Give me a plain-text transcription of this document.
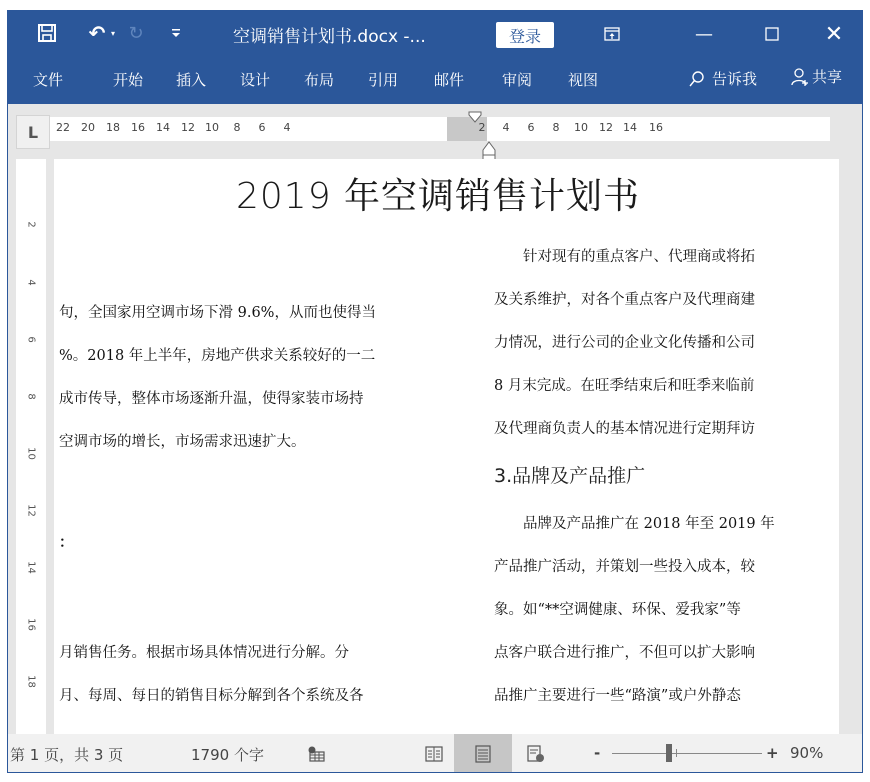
↶ ▾ ↻	空调销售计划书.docx -...	登录	—	✕
告诉我	共享
文件	开始 插入 设计 布局 引用 邮件	审阅 视图
L	22 20 18 16 14 12 10 8 6 4	2 4 6 8 10 12 14 16
2
4
6
8
10
12
14
16
18
2019 年空调销售计划书
句，全国家用空调市场下滑 9.6%，从而也使得当
%。2018 年上半年，房地产供求关系较好的一二
成市传导，整体市场逐渐升温，使得家装市场持
空调市场的增长，市场需求迅速扩大。
：
月销售任务。根据市场具体情况进行分解。分
月、每周、每日的销售目标分解到各个系统及各
　　针对现有的重点客户、代理商或将拓
及关系维护，对各个重点客户及代理商建
力情况，进行公司的企业文化传播和公司
8 月末完成。在旺季结束后和旺季来临前
及代理商负责人的基本情况进行定期拜访
3.品牌及产品推广
　　品牌及产品推广在 2018 年至 2019 年
产品推广活动，并策划一些投入成本，较
象。如“**空调健康、环保、爱我家”等
点客户联合进行推广，不但可以扩大影响
品推广主要进行一些“路演”或户外静态
第 1 页，共 3 页	1790 个字	-	+ 90%
